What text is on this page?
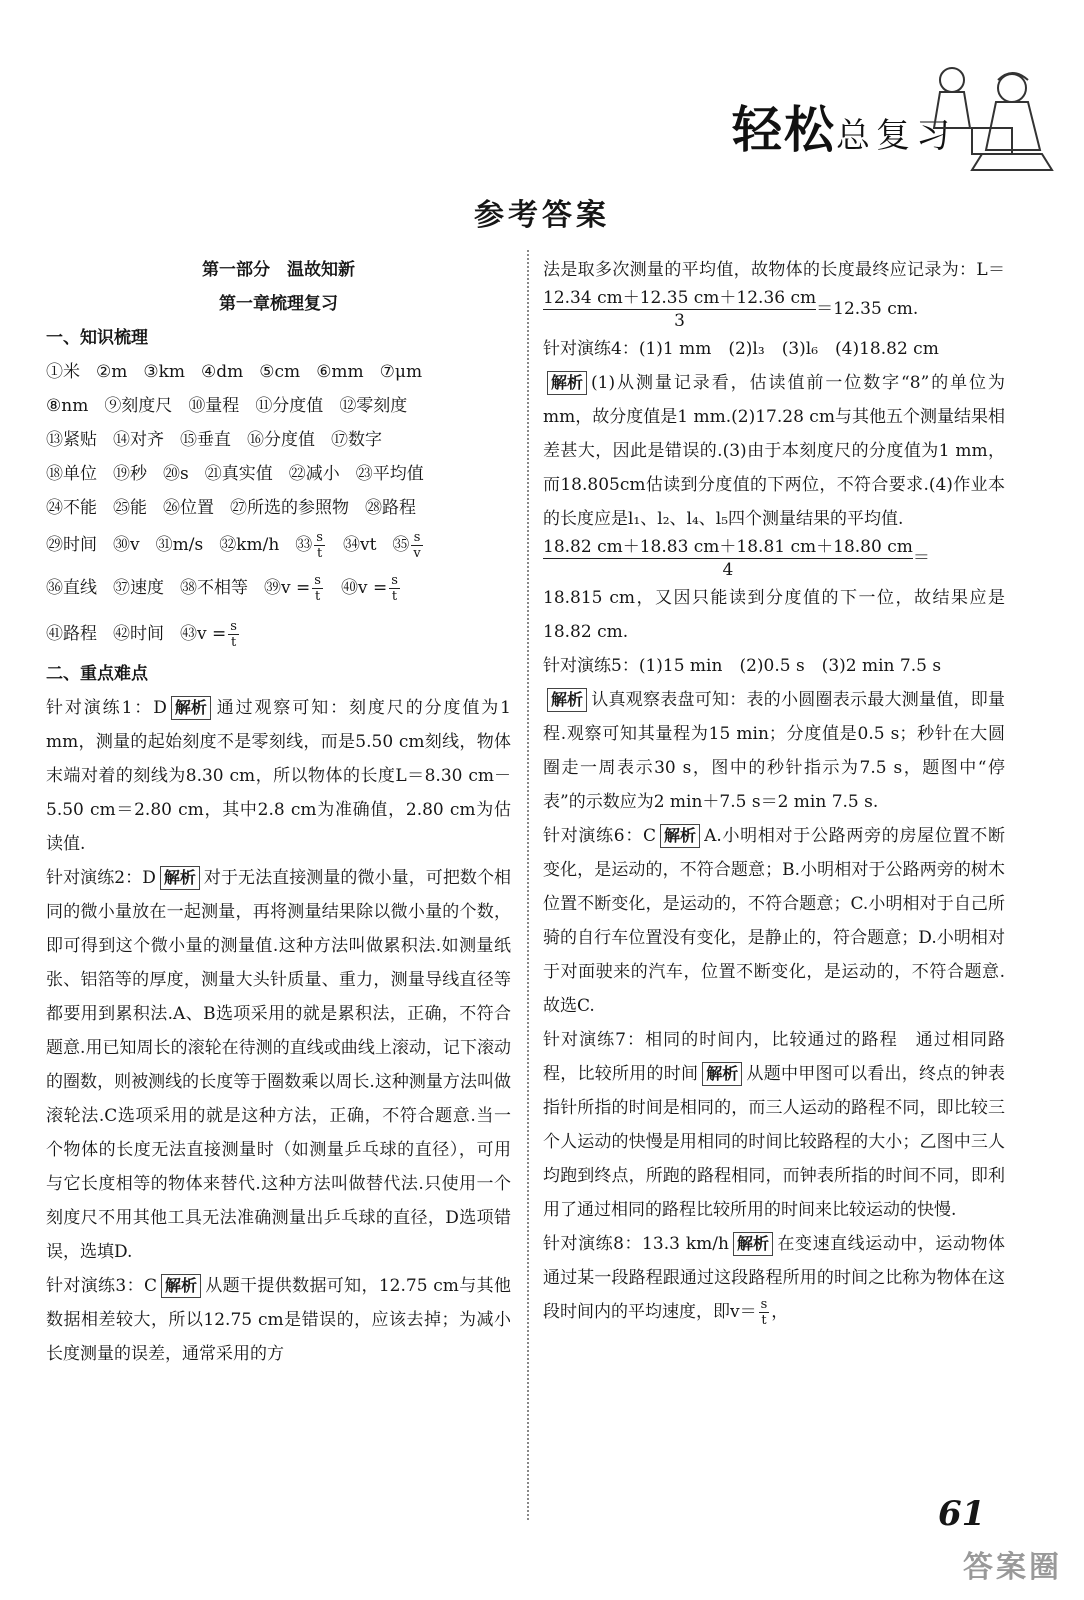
轻松总复习
参考答案
第一部分　温故知新
第一章梳理复习
一、知识梳理
①米 ②m ③km ④dm ⑤cm ⑥mm ⑦μm
⑧nm ⑨刻度尺 ⑩量程 ⑪分度值 ⑫零刻度
⑬紧贴 ⑭对齐 ⑮垂直 ⑯分度值 ⑰数字
⑱单位 ⑲秒 ⑳s ㉑真实值 ㉒减小 ㉓平均值
㉔不能 ㉕能 ㉖位置 ㉗所选的参照物 ㉘路程
㉙时间 ㉚v ㉛m/s ㉜km/h ㉝ $\frac{s}{t}$ ㉞vt ㉟ $\frac{s}{v}$
㊱直线 ㊲速度 ㊳不相等 ㊴v = $\frac{s}{t}$ ㊵v = $\frac{s}{t}$
㊶路程 ㊷时间 ㊸v = $\frac{s}{t}$
二、重点难点

针对演练1：D 解析 通过观察可知：刻度尺的分度值为1 mm，测量的起始刻度不是零刻线，而是5.50 cm刻线，物体末端对着的刻线为8.30 cm，所以物体的长度L＝8.30 cm－5.50 cm＝2.80 cm，其中2.8 cm为准确值，2.80 cm为估读值.

针对演练2：D 解析 对于无法直接测量的微小量，可把数个相同的微小量放在一起测量，再将测量结果除以微小量的个数，即可得到这个微小量的测量值.这种方法叫做累积法.如测量纸张、铝箔等的厚度，测量大头针质量、重力，测量导线直径等都要用到累积法.A、B选项采用的就是累积法，正确，不符合题意.用已知周长的滚轮在待测的直线或曲线上滚动，记下滚动的圈数，则被测线的长度等于圈数乘以周长.这种测量方法叫做滚轮法.C选项采用的就是这种方法，正确，不符合题意.当一个物体的长度无法直接测量时（如测量乒乓球的直径），可用与它长度相等的物体来替代.这种方法叫做替代法.只使用一个刻度尺不用其他工具无法准确测量出乒乓球的直径，D选项错误，选填D.

针对演练3：C 解析 从题干提供数据可知，12.75 cm与其他数据相差较大，所以12.75 cm是错误的，应该去掉；为减小长度测量的误差，通常采用的方

法是取多次测量的平均值，故物体的长度最终应记录为：L＝
$\frac{12.34 cm+12.35 cm+12.36 cm}{3} =12.35$ cm.

针对演练4：(1)1 mm　(2)l₃　(3)l₆　(4)18.82 cm

解析 (1)从测量记录看，估读值前一位数字“8”的单位为mm，故分度值是1 mm.(2)17.28 cm与其他五个测量结果相差甚大，因此是错误的.(3)由于本刻度尺的分度值为1 mm，而18.805cm估读到分度值的下两位，不符合要求.(4)作业本的长度应是l₁、l₂、l₄、l₅四个测量结果的平均值.

$\frac{18.82 cm+18.83 cm+18.81 cm+18.80 cm}{4}$ ＝

18.815 cm，又因只能读到分度值的下一位，故结果应是18.82 cm.

针对演练5：(1)15 min　(2)0.5 s　(3)2 min 7.5 s

解析 认真观察表盘可知：表的小圆圈表示最大测量值，即量程.观察可知其量程为15 min；分度值是0.5 s；秒针在大圆圈走一周表示30 s，图中的秒针指示为7.5 s，题图中“停表”的示数应为2 min＋7.5 s＝2 min 7.5 s.

针对演练6：C 解析 A.小明相对于公路两旁的房屋位置不断变化，是运动的，不符合题意；B.小明相对于公路两旁的树木位置不断变化，是运动的，不符合题意；C.小明相对于自己所骑的自行车位置没有变化，是静止的，符合题意；D.小明相对于对面驶来的汽车，位置不断变化，是运动的，不符合题意.故选C.

针对演练7：相同的时间内，比较通过的路程　通过相同路程，比较所用的时间 解析 从题中甲图可以看出，终点的钟表指针所指的时间是相同的，而三人运动的路程不同，即比较三个人运动的快慢是用相同的时间比较路程的大小；乙图中三人均跑到终点，所跑的路程相同，而钟表所指的时间不同，即利用了通过相同的路程比较所用的时间来比较运动的快慢.

针对演练8：13.3 km/h 解析 在变速直线运动中，运动物体通过某一段路程跟通过这段路程所用的时间之比称为物体在这段时间内的平均速度，即$v= \frac{s}{t}$ ，

61
答案圈
